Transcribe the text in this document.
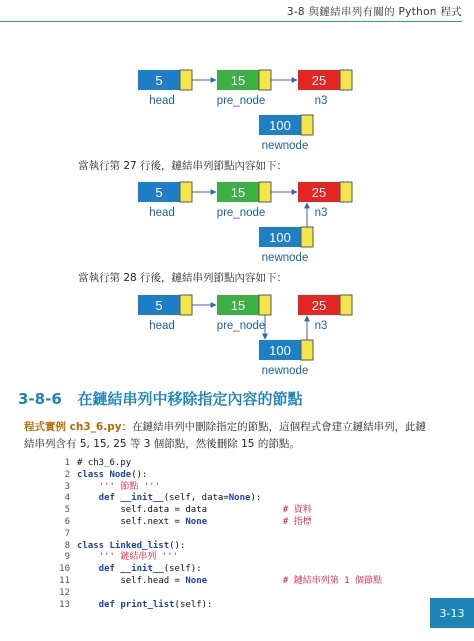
3-8 與鏈結串列有關的 Python 程式
5
head
15
pre_node
25
n3
100
newnode
當執行第 27 行後，鏈結串列節點內容如下：
5
head
15
pre_node
25
n3
100
newnode
當執行第 28 行後，鏈結串列節點內容如下：
5
head
15
pre_node
25
n3
100
newnode
3-8-6 在鏈結串列中移除指定內容的節點
程式實例 ch3_6.py：在鏈結串列中刪除指定的節點，這個程式會建立鏈結串列，此鏈
結串列含有 5, 15, 25 等 3 個節點，然後刪除 15 的節點。
1 # ch3_6.py
2 class Node ():
3 ''' 節點 '''
4 def __init__ (self, data= None ):
5 self.data = data # 資料
6 self.next = None # 指標
7
8 class Linked_list ():
9 ''' 鏈結串列 '''
10 def __init__ (self):
11 self.head = None # 鏈結串列第 1 個節點
12
13 def print_list (self):
3-13
